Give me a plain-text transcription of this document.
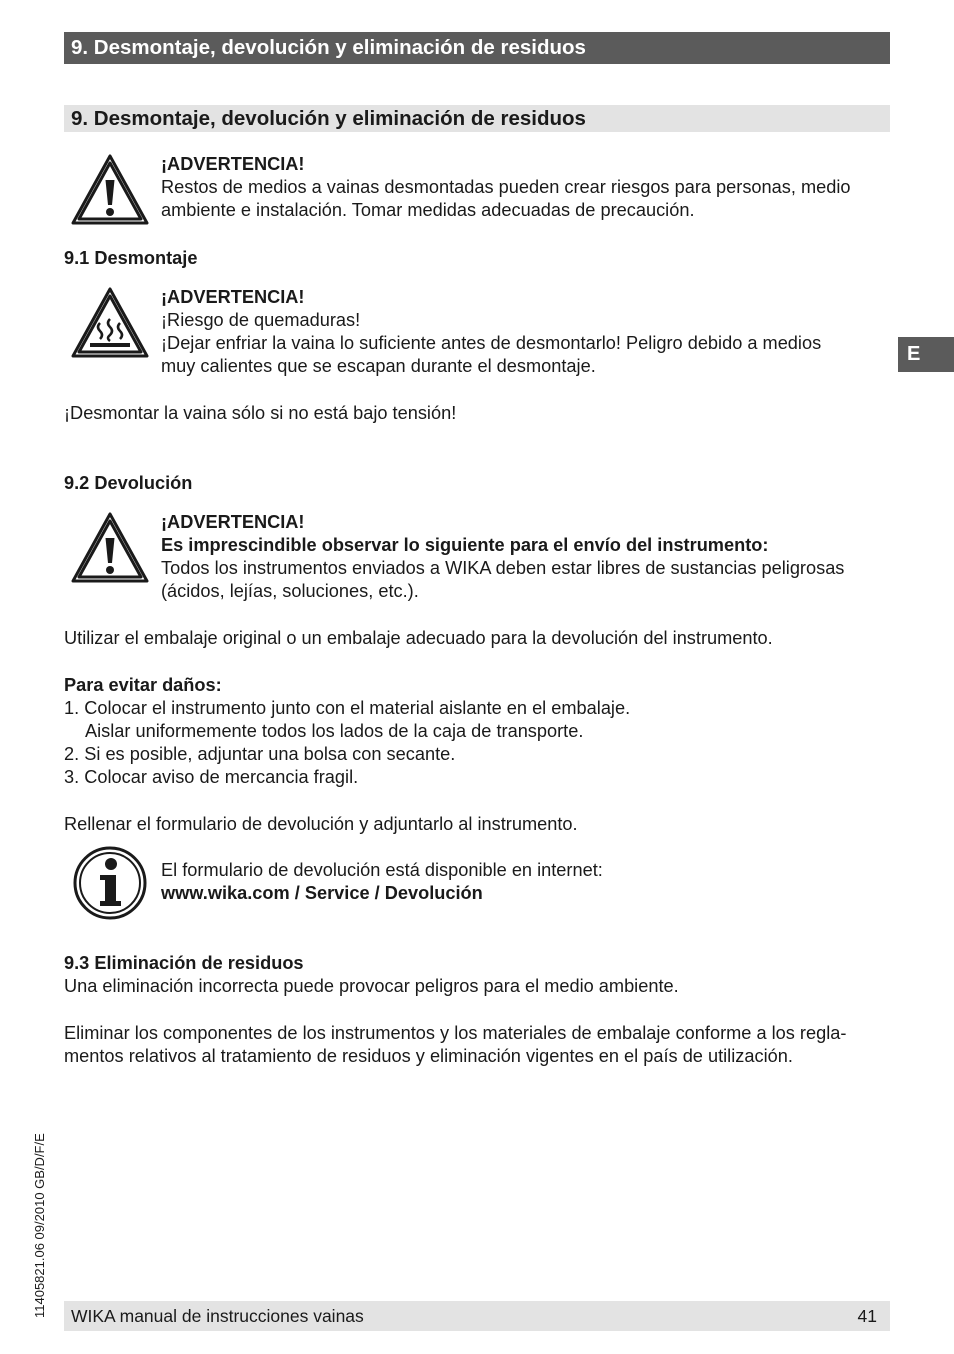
9. Desmontaje, devolución y eliminación de residuos
9. Desmontaje, devolución y eliminación de residuos
E
¡ADVERTENCIA!
Restos de medios a vainas desmontadas pueden crear riesgos para personas, medio
ambiente e instalación. Tomar medidas adecuadas de precaución.
9.1 Desmontaje
¡ADVERTENCIA!
¡Riesgo de quemaduras!
¡Dejar enfriar la vaina lo suficiente antes de desmontarlo! Peligro debido a medios
muy calientes que se escapan durante el desmontaje.
¡Desmontar la vaina sólo si no está bajo tensión!
9.2 Devolución
¡ADVERTENCIA!
Es imprescindible observar lo siguiente para el envío del instrumento:
Todos los instrumentos enviados a WIKA deben estar libres de sustancias peligrosas
(ácidos, lejías, soluciones, etc.).
Utilizar el embalaje original o un embalaje adecuado para la devolución del instrumento.
Para evitar daños:
1. Colocar el instrumento junto con el material aislante en el embalaje.
Aislar uniformemente todos los lados de la caja de transporte.
2. Si es posible, adjuntar una bolsa con secante.
3. Colocar aviso de mercancia fragil.
Rellenar el formulario de devolución y adjuntarlo al instrumento.
El formulario de devolución está disponible en internet:
www.wika.com / Service / Devolución
9.3 Eliminación de residuos
Una eliminación incorrecta puede provocar peligros para el medio ambiente.
Eliminar los componentes de los instrumentos y los materiales de embalaje conforme a los regla-
mentos relativos al tratamiento de residuos y eliminación vigentes en el país de utilización.
11405821.06 09/2010 GB/D/F/E WIKA manual de instrucciones vainas	41
